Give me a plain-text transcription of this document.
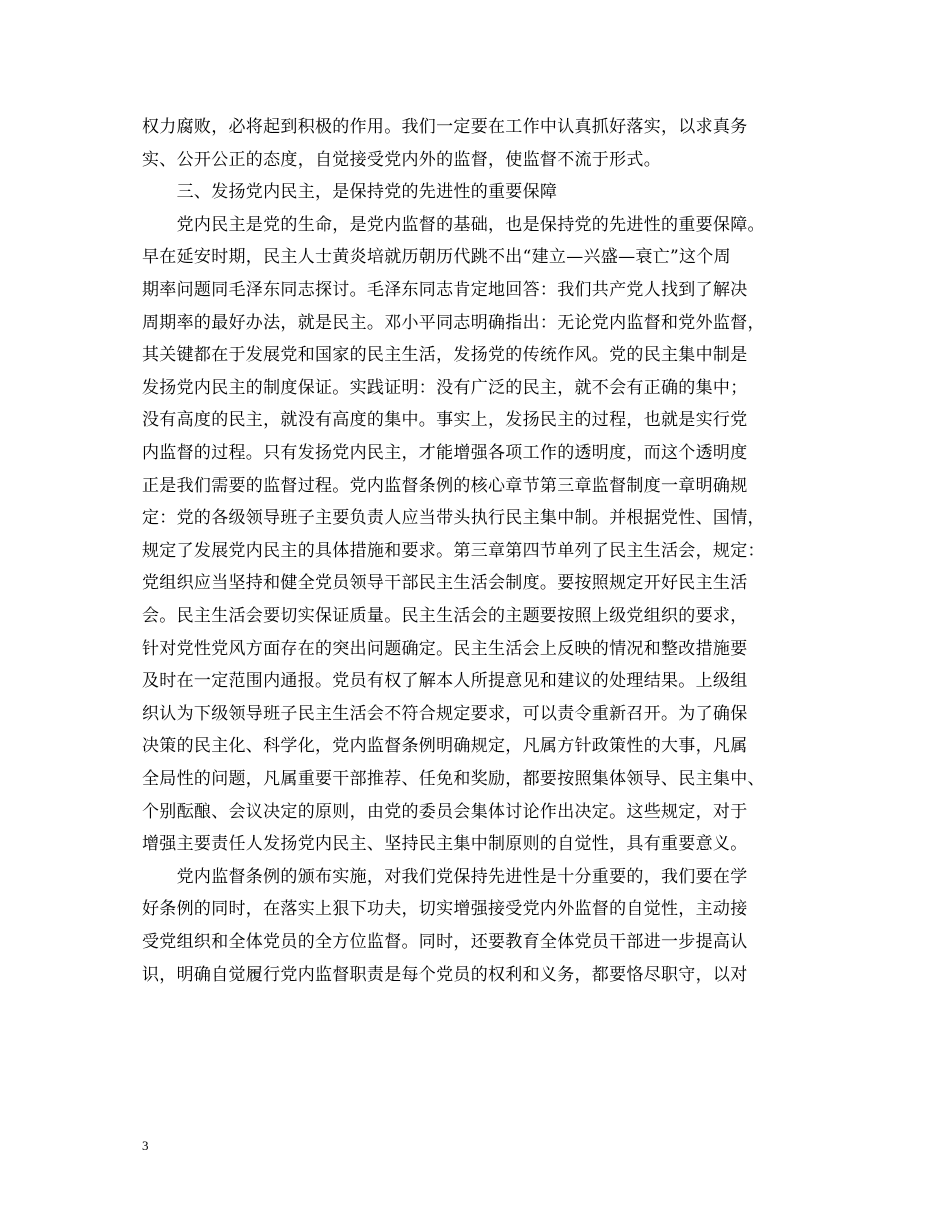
权力腐败，必将起到积极的作用。我们一定要在工作中认真抓好落实，以求真务
实、公开公正的态度，自觉接受党内外的监督，使监督不流于形式。
　　三、发扬党内民主，是保持党的先进性的重要保障
　　党内民主是党的生命，是党内监督的基础，也是保持党的先进性的重要保障。
早在延安时期，民主人士黄炎培就历朝历代跳不出“建立—兴盛—衰亡”这个周
期率问题同毛泽东同志探讨。毛泽东同志肯定地回答：我们共产党人找到了解决
周期率的最好办法，就是民主。邓小平同志明确指出：无论党内监督和党外监督，
其关键都在于发展党和国家的民主生活，发扬党的传统作风。党的民主集中制是
发扬党内民主的制度保证。实践证明：没有广泛的民主，就不会有正确的集中；
没有高度的民主，就没有高度的集中。事实上，发扬民主的过程，也就是实行党
内监督的过程。只有发扬党内民主，才能增强各项工作的透明度，而这个透明度
正是我们需要的监督过程。党内监督条例的核心章节第三章监督制度一章明确规
定：党的各级领导班子主要负责人应当带头执行民主集中制。并根据党性、国情，
规定了发展党内民主的具体措施和要求。第三章第四节单列了民主生活会，规定：
党组织应当坚持和健全党员领导干部民主生活会制度。要按照规定开好民主生活
会。民主生活会要切实保证质量。民主生活会的主题要按照上级党组织的要求，
针对党性党风方面存在的突出问题确定。民主生活会上反映的情况和整改措施要
及时在一定范围内通报。党员有权了解本人所提意见和建议的处理结果。上级组
织认为下级领导班子民主生活会不符合规定要求，可以责令重新召开。为了确保
决策的民主化、科学化，党内监督条例明确规定，凡属方针政策性的大事，凡属
全局性的问题，凡属重要干部推荐、任免和奖励，都要按照集体领导、民主集中、
个别酝酿、会议决定的原则，由党的委员会集体讨论作出决定。这些规定，对于
增强主要责任人发扬党内民主、坚持民主集中制原则的自觉性，具有重要意义。
　　党内监督条例的颁布实施，对我们党保持先进性是十分重要的，我们要在学
好条例的同时，在落实上狠下功夫，切实增强接受党内外监督的自觉性，主动接
受党组织和全体党员的全方位监督。同时，还要教育全体党员干部进一步提高认
识，明确自觉履行党内监督职责是每个党员的权利和义务，都要恪尽职守，以对
3
